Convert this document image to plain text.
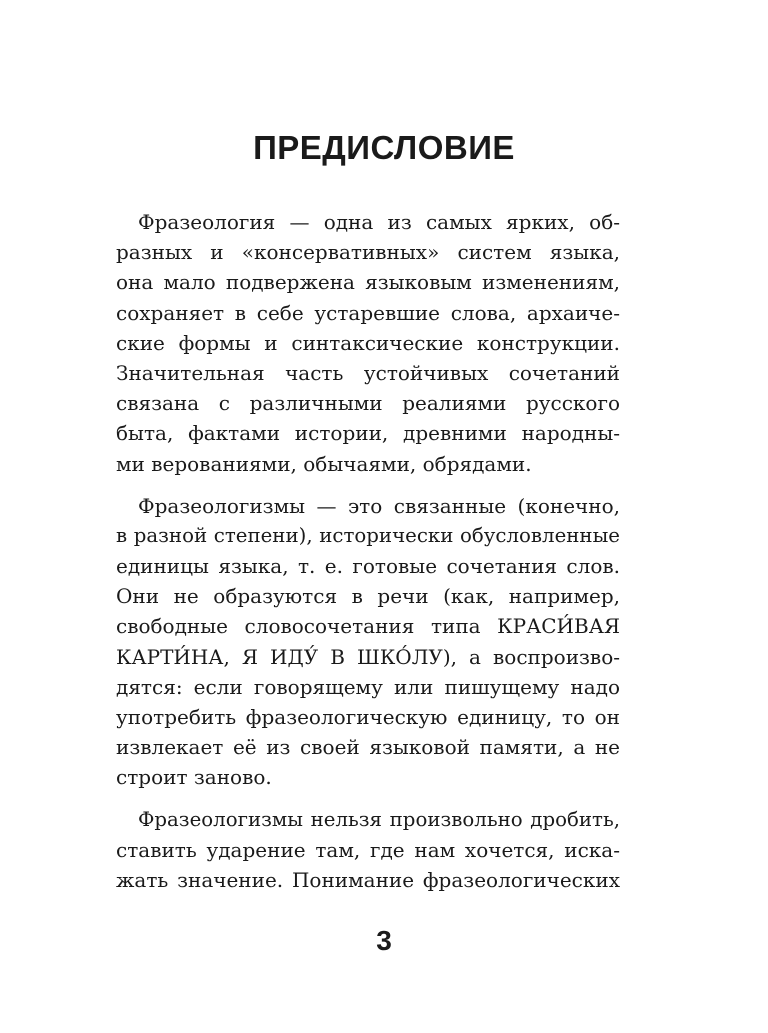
ПРЕДИСЛОВИЕ

Фразеология — одна из самых ярких, об-
разных и «консервативных» систем языка,
она мало подвержена языковым изменениям,
сохраняет в себе устаревшие слова, архаиче-
ские формы и синтаксические конструкции.
Значительная часть устойчивых сочетаний
связана с различными реалиями русского
быта, фактами истории, древними народны-
ми верованиями, обычаями, обрядами.

Фразеологизмы — это связанные (конечно,
в разной степени), исторически обусловленные
единицы языка, т. е. готовые сочетания слов.
Они не образуются в речи (как, например,
свободные словосочетания типа КРАСИ́ВАЯ
КАРТИ́НА, Я ИДУ́ В ШКО́ЛУ), а воспроизво-
дятся: если говорящему или пишущему надо
употребить фразеологическую единицу, то он
извлекает её из своей языковой памяти, а не
строит заново.

Фразеологизмы нельзя произвольно дробить,
ставить ударение там, где нам хочется, иска-
жать значение. Понимание фразеологических

3
